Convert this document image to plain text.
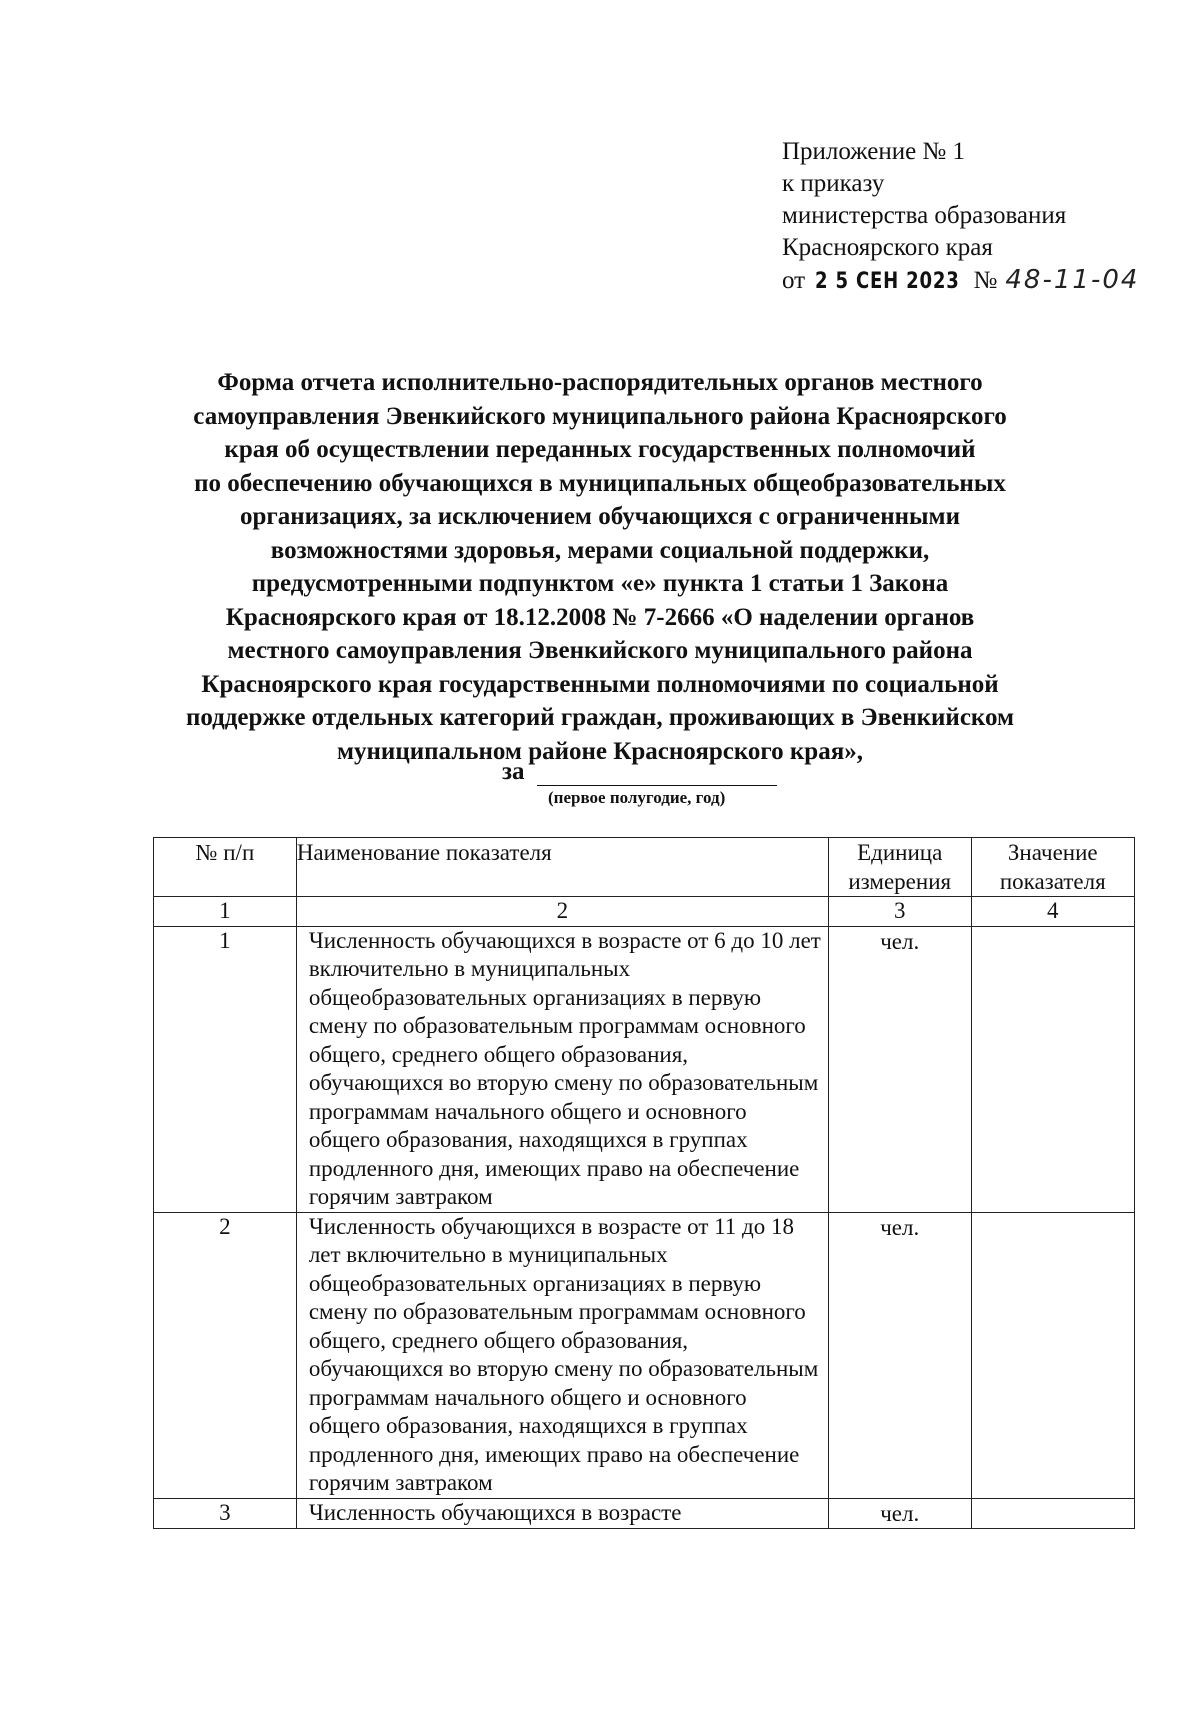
Приложение № 1
к приказу
министерства образования
Красноярского края
от 2 5 СЕН 2023 № 48-11-04
Форма отчета исполнительно-распорядительных органов местного
самоуправления Эвенкийского муниципального района Красноярского
края об осуществлении переданных государственных полномочий
по обеспечению обучающихся в муниципальных общеобразовательных
организациях, за исключением обучающихся с ограниченными
возможностями здоровья, мерами социальной поддержки,
предусмотренными подпунктом «е» пункта 1 статьи 1 Закона
Красноярского края от 18.12.2008 № 7-2666 «О наделении органов
местного самоуправления Эвенкийского муниципального района
Красноярского края государственными полномочиями по социальной
поддержке отдельных категорий граждан, проживающих в Эвенкийском
муниципальном районе Красноярского края»,
за
(первое полугодие, год)
№ п/п	Наименование показателя	Единица измерения	Значение показателя

1	2	3	4
1	Численность обучающихся в возрасте от 6 до 10 лет включительно в муниципальных общеобразовательных организациях в первую смену по образовательным программам основного общего, среднего общего образования, обучающихся во вторую смену по образовательным программам начального общего и основного общего образования, находящихся в группах продленного дня, имеющих право на обеспечение горячим завтраком	чел.	

2	Численность обучающихся в возрасте от 11 до 18 лет включительно в муниципальных общеобразовательных организациях в первую смену по образовательным программам основного общего, среднего общего образования, обучающихся во вторую смену по образовательным программам начального общего и основного общего образования, находящихся в группах продленного дня, имеющих право на обеспечение горячим завтраком	чел.	

3	Численность обучающихся в возрасте	чел.	
